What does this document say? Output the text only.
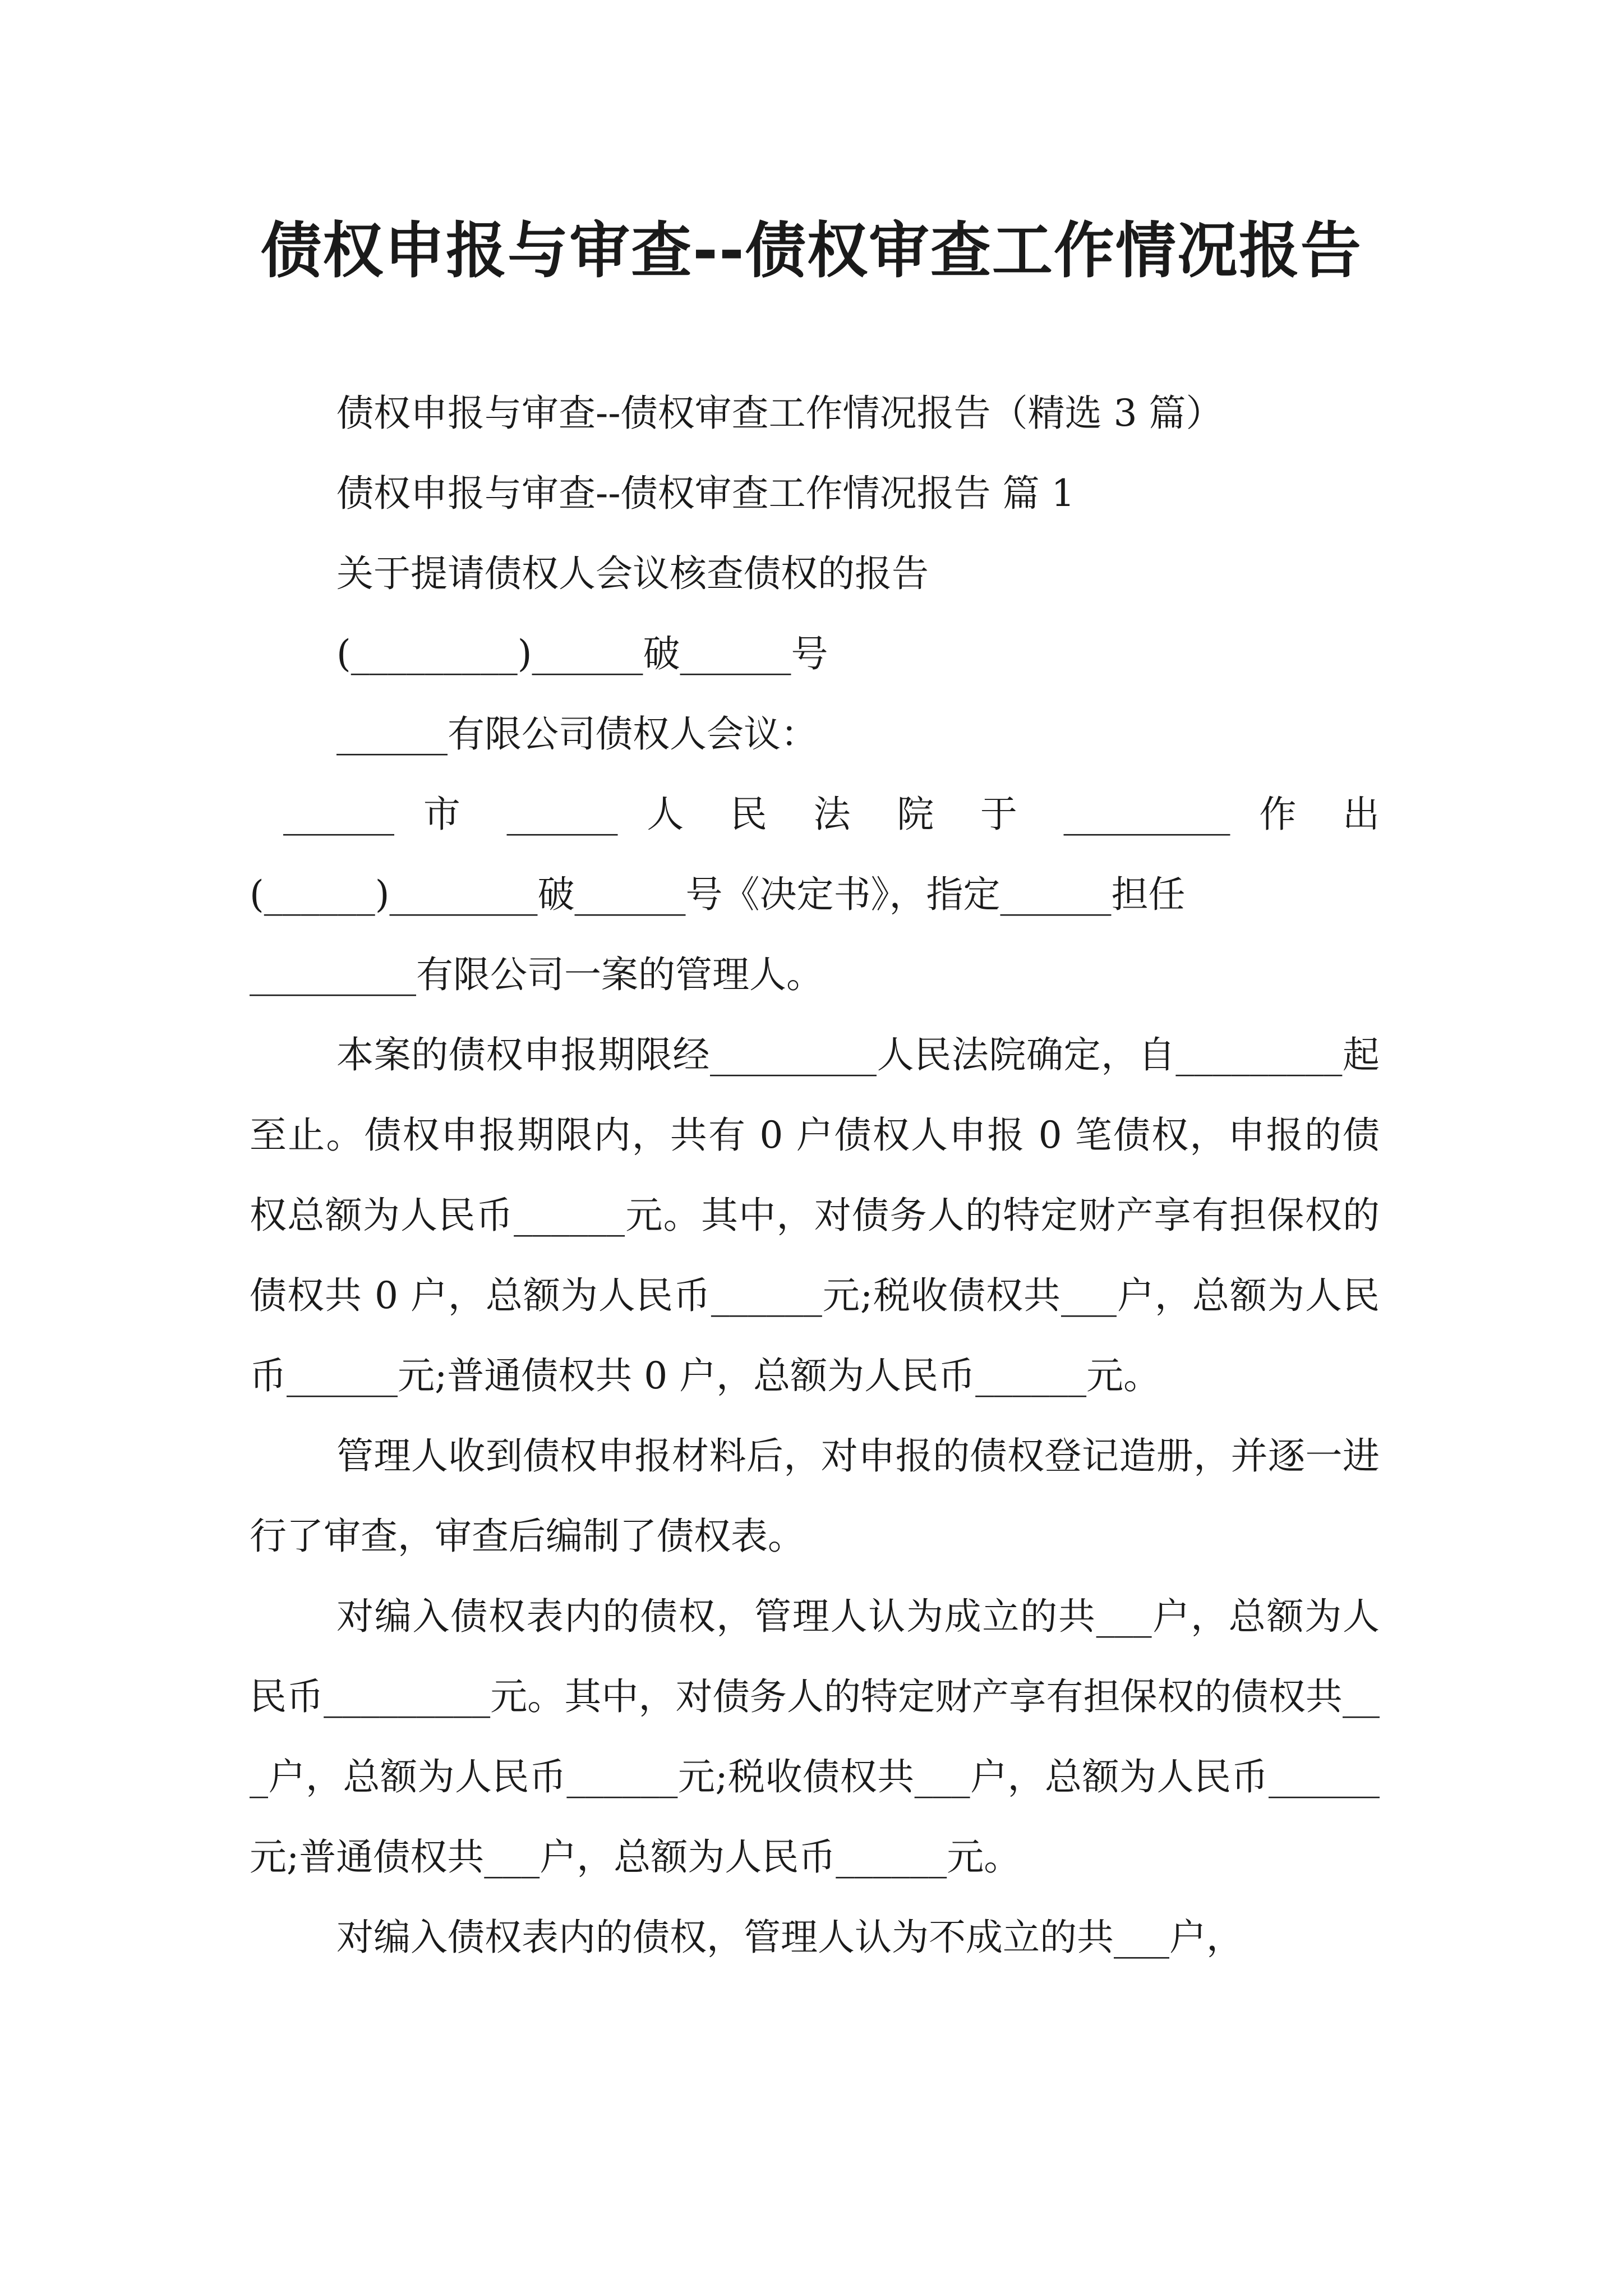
债权申报与审查--债权审查工作情况报告

债权申报与审查--债权审查工作情况报告（精选 3 篇）

债权申报与审查--债权审查工作情况报告 篇 1

关于提请债权人会议核查债权的报告

(_________)______破______号

______有限公司债权人会议：

______ 市 ______ 人 民 法 院 于 _________ 作 出

(______)________破______号《决定书》，指定______担任

_________有限公司一案的管理人。

本案的债权申报期限经_________人民法院确定，自_________起至止。债权申报期限内，共有 0 户债权人申报 0 笔债权，申报的债权总额为人民币______元。其中，对债务人的特定财产享有担保权的债权共 0 户，总额为人民币______元;税收债权共___户，总额为人民币______元;普通债权共 0 户，总额为人民币______元。

管理人收到债权申报材料后，对申报的债权登记造册，并逐一进行了审查，审查后编制了债权表。

对编入债权表内的债权，管理人认为成立的共___户，总额为人民币_________元。其中，对债务人的特定财产享有担保权的债权共___户，总额为人民币______元;税收债权共___户，总额为人民币______元;普通债权共___户，总额为人民币______元。

对编入债权表内的债权，管理人认为不成立的共___户，
